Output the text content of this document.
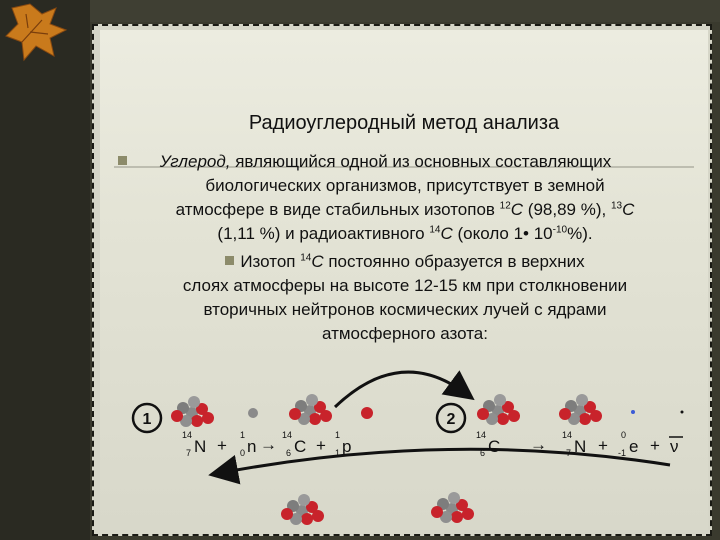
Радиоуглеродный метод анализа
Углерод, являющийся одной из основных составляющих
биологических организмов, присутствует в земной
атмосфере в виде стабильных изотопов $^{12}$C (98,89 %), $^{13}$C
(1,11 %) и радиоактивного $^{14}$C (около 1• $10^{-10}\%$).
Изотоп $^{14}$C постоянно образуется в верхних
слоях атмосферы на высоте 12-15 км при столкновении
вторичных нейтронов космических лучей с ядрами
атмосферного азота:
1	2
14
7 N +
1
0 n → 14
6 C +
1
1 p
14
6 C → 14
7 N +
0
-1 e + ν
